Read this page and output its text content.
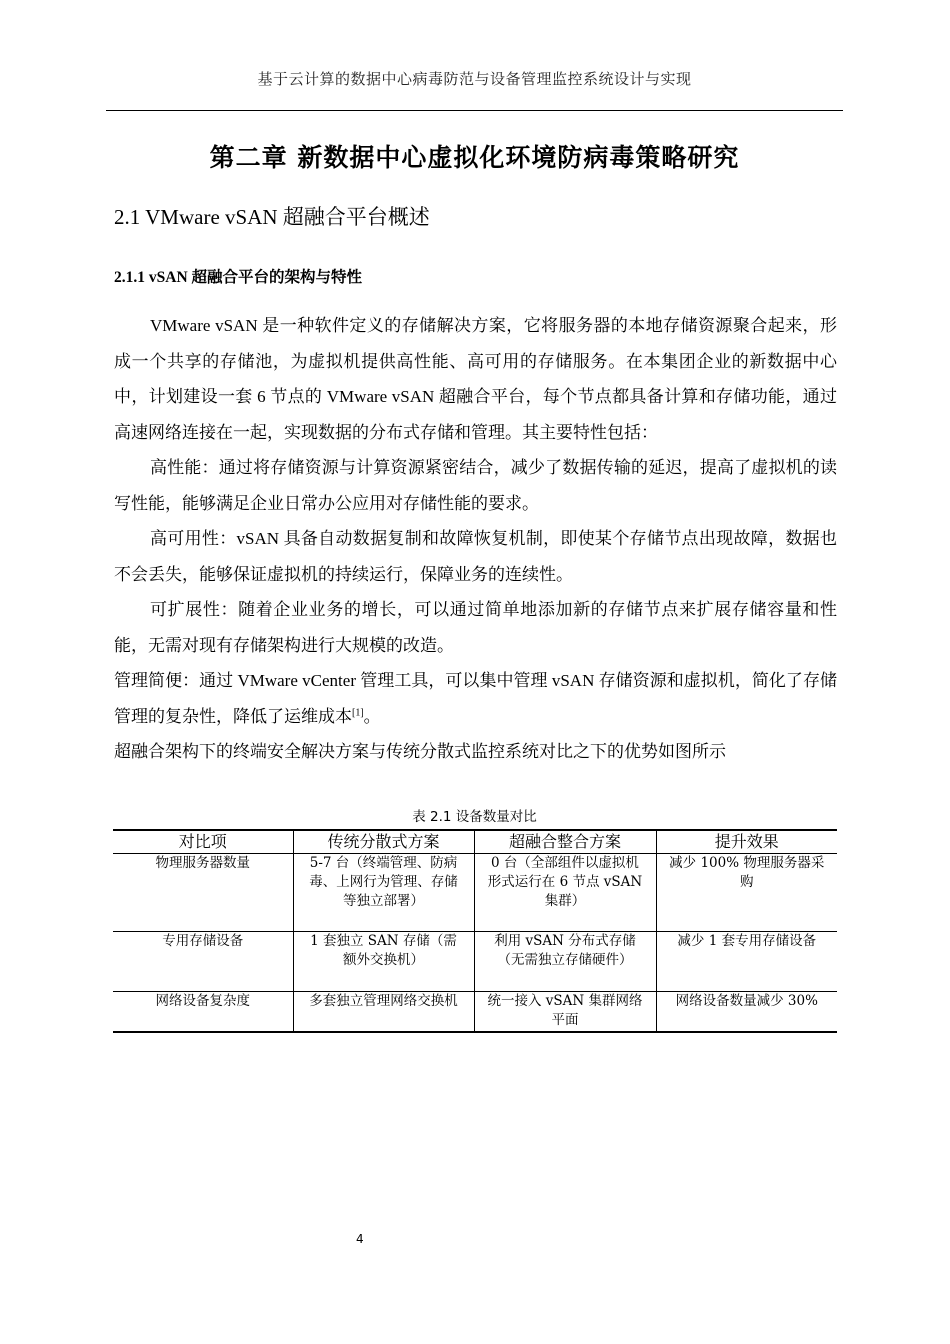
基于云计算的数据中心病毒防范与设备管理监控系统设计与实现
第二章 新数据中心虚拟化环境防病毒策略研究
2.1 VMware vSAN 超融合平台概述
2.1.1 vSAN 超融合平台的架构与特性

VMware vSAN 是一种软件定义的存储解决方案，它将服务器的本地存储资源聚合起来，形成一个共享的存储池，为虚拟机提供高性能、高可用的存储服务。在本集团企业的新数据中心中，计划建设一套 6 节点的 VMware vSAN 超融合平台，每个节点都具备计算和存储功能，通过高速网络连接在一起，实现数据的分布式存储和管理。其主要特性包括：

高性能：通过将存储资源与计算资源紧密结合，减少了数据传输的延迟，提高了虚拟机的读写性能，能够满足企业日常办公应用对存储性能的要求。

高可用性：vSAN 具备自动数据复制和故障恢复机制，即使某个存储节点出现故障，数据也不会丢失，能够保证虚拟机的持续运行，保障业务的连续性。

可扩展性：随着企业业务的增长，可以通过简单地添加新的存储节点来扩展存储容量和性能，无需对现有存储架构进行大规模的改造。

管理简便：通过 VMware vCenter 管理工具，可以集中管理 vSAN 存储资源和虚拟机，简化了存储管理的复杂性，降低了运维成本[1]。

超融合架构下的终端安全解决方案与传统分散式监控系统对比之下的优势如图所示

表 2.1 设备数量对比
对比项	传统分散式方案	超融合整合方案	提升效果
物理服务器数量	5-7 台（终端管理、防病毒、上网行为管理、存储等独立部署）	0 台（全部组件以虚拟机形式运行在 6 节点 vSAN 集群）	减少 100% 物理服务器采购
专用存储设备	1 套独立 SAN 存储（需额外交换机）	利用 vSAN 分布式存储（无需独立存储硬件）	减少 1 套专用存储设备
网络设备复杂度	多套独立管理网络交换机	统一接入 vSAN 集群网络平面	网络设备数量减少 30%
4
